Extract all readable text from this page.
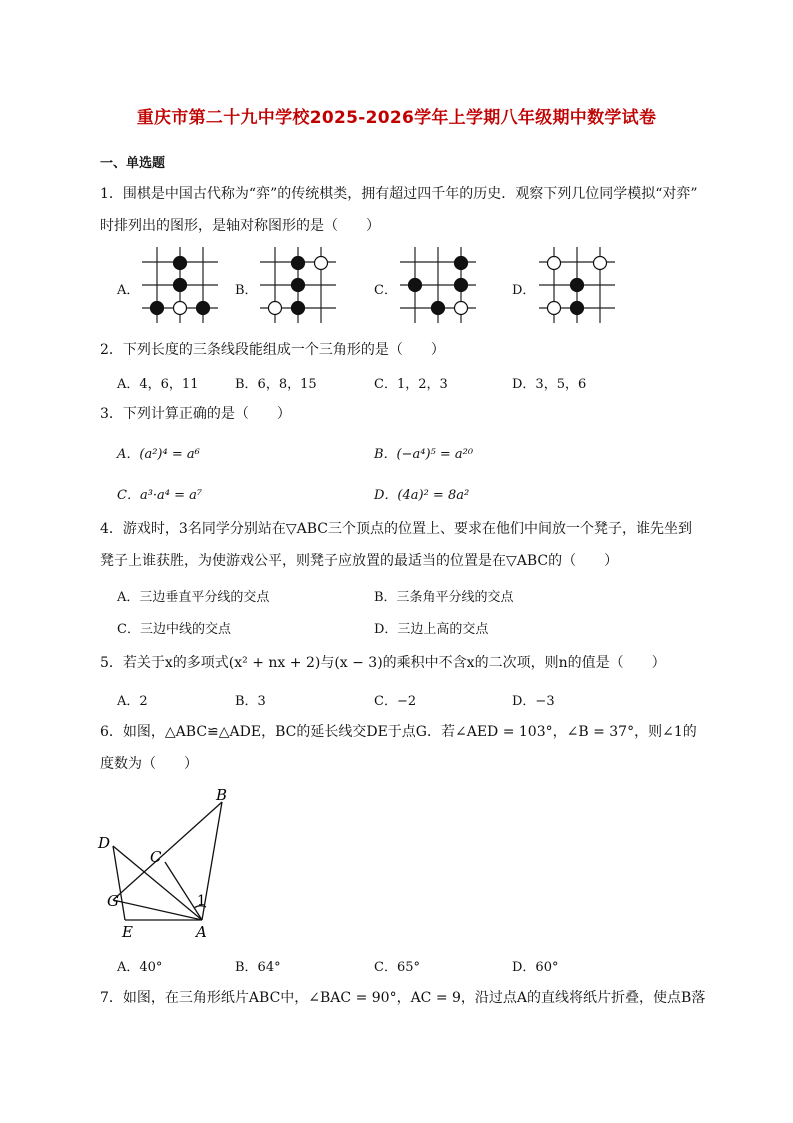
重庆市第二十九中学校2025-2026学年上学期八年级期中数学试卷
一、单选题
1．围棋是中国古代称为“弈”的传统棋类，拥有超过四千年的历史．观察下列几位同学模拟“对弈”
时排列出的图形，是轴对称图形的是（　　）
A．	B．	C．	D．
2．下列长度的三条线段能组成一个三角形的是（　　）
A．4，6，11	B．6，8，15	C．1，2，3	D．3，5，6
3．下列计算正确的是（　　）
A．(a²)⁴ = a⁶	B．(−a⁴)⁵ = a²⁰
C．a³·a⁴ = a⁷	D．(4a)² = 8a²
4．游戏时，3名同学分别站在▽ABC三个顶点的位置上、要求在他们中间放一个凳子，谁先坐到
凳子上谁获胜，为使游戏公平，则凳子应放置的最适当的位置是在▽ABC的（　　）
A．三边垂直平分线的交点	B．三条角平分线的交点
C．三边中线的交点	D．三边上高的交点
5．若关于x的多项式(x² + nx + 2)与(x − 3)的乘积中不含x的二次项，则n的值是（　　）
A．2	B．3	C．−2	D．−3
6．如图，△ABC≌△ADE，BC的延长线交DE于点G．若∠AED = 103°，∠B = 37°，则∠1的
度数为（　　）
B
D
C
G	1
E	A
A．40°	B．64°	C．65°	D．60°
7．如图，在三角形纸片ABC中，∠BAC = 90°，AC = 9，沿过点A的直线将纸片折叠，使点B落
